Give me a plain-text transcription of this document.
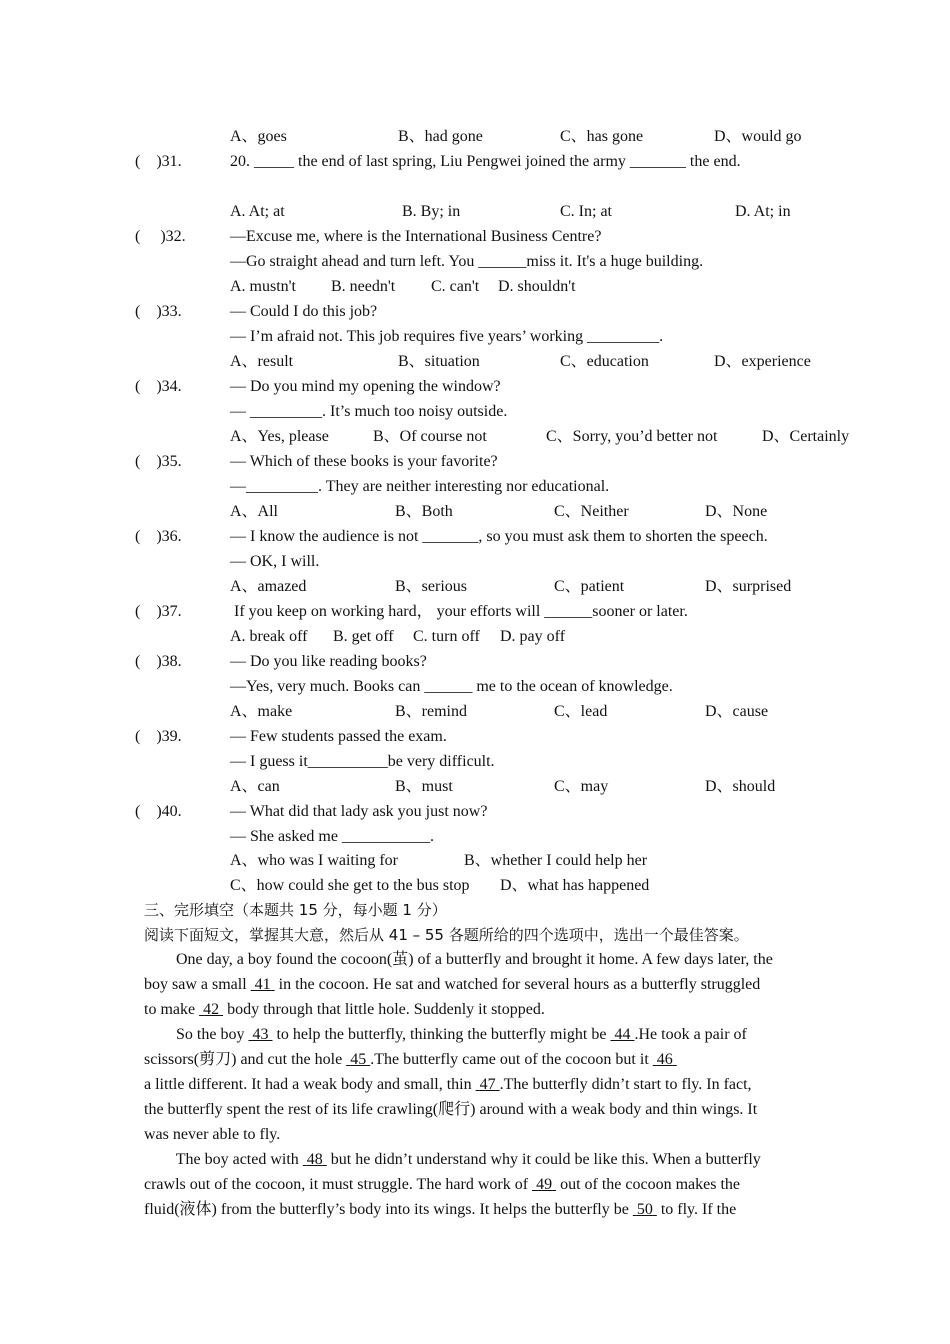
A、goes	B、had gone	C、has gone	D、would go
(    )31.	20. _____ the end of last spring, Liu Pengwei joined the army _______ the end.
A. At; at	B. By; in	C. In; at	D. At; in
(     )32.	—Excuse me, where is the International Business Centre?
—Go straight ahead and turn left. You ______miss it. It's a huge building.
A. mustn't B. needn't C. can't D. shouldn't
(    )33.	— Could I do this job?
— I’m afraid not. This job requires five years’ working _________.
A、result	B、situation	C、education	D、experience
(    )34.	— Do you mind my opening the window?
— _________. It’s much too noisy outside.
A、Yes, please	B、Of course not	C、Sorry, you’d better not	D、Certainly
(    )35.	— Which of these books is your favorite?
—_________. They are neither interesting nor educational.
A、All	B、Both	C、Neither	D、None
(    )36.	— I know the audience is not _______, so you must ask them to shorten the speech.
— OK, I will.
A、amazed	B、serious	C、patient	D、surprised
(    )37.	If you keep on working hard， your efforts will ______sooner or later.
A. break off B. get off C. turn off D. pay off
(    )38.	— Do you like reading books?
—Yes, very much. Books can ______ me to the ocean of knowledge.
A、make	B、remind	C、lead	D、cause
(    )39.	— Few students passed the exam.
— I guess it__________be very difficult.
A、can	B、must	C、may	D、should
(    )40.	— What did that lady ask you just now?
— She asked me ___________.
A、who was I waiting for	B、whether I could help her
C、how could she get to the bus stop D、what has happened
三、完形填空（本题共 15 分，每小题 1 分）
阅读下面短文，掌握其大意，然后从 41 – 55 各题所给的四个选项中，选出一个最佳答案。
One day, a boy found the cocoon(茧) of a butterfly and brought it home. A few days later, the
boy saw a small  41  in the cocoon. He sat and watched for several hours as a butterfly struggled
to make  42  body through that little hole. Suddenly it stopped.
So the boy  43  to help the butterfly, thinking the butterfly might be  44 .He took a pair of
scissors(剪刀) and cut the hole  45 .The butterfly came out of the cocoon but it  46
a little different. It had a weak body and small, thin  47 .The butterfly didn’t start to fly. In fact,
the butterfly spent the rest of its life crawling(爬行) around with a weak body and thin wings. It
was never able to fly.
The boy acted with  48  but he didn’t understand why it could be like this. When a butterfly
crawls out of the cocoon, it must struggle. The hard work of  49  out of the cocoon makes the
fluid(液体) from the butterfly’s body into its wings. It helps the butterfly be  50  to fly. If the
